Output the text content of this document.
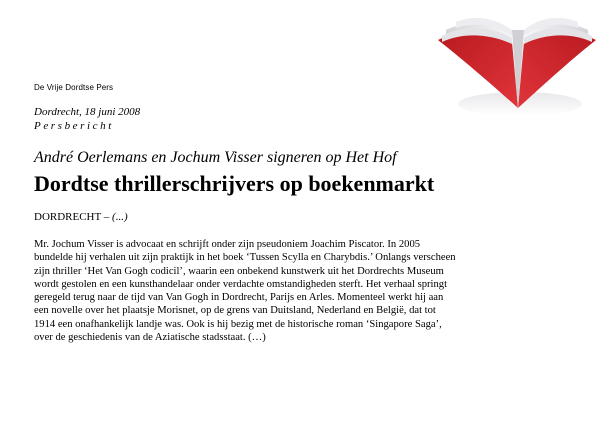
De Vrije Dordtse Pers
Dordrecht, 18 juni 2008
Persbericht
André Oerlemans en Jochum Visser signeren op Het Hof
Dordtse thrillerschrijvers op boekenmarkt
DORDRECHT – (...)
Mr. Jochum Visser is advocaat en schrijft onder zijn pseudoniem Joachim Piscator. In 2005
bundelde hij verhalen uit zijn praktijk in het boek ‘Tussen Scylla en Charybdis.’ Onlangs verscheen
zijn thriller ‘Het Van Gogh codicil’, waarin een onbekend kunstwerk uit het Dordrechts Museum
wordt gestolen en een kunsthandelaar onder verdachte omstandigheden sterft. Het verhaal springt
geregeld terug naar de tijd van Van Gogh in Dordrecht, Parijs en Arles. Momenteel werkt hij aan
een novelle over het plaatsje Morisnet, op de grens van Duitsland, Nederland en België, dat tot
1914 een onafhankelijk landje was. Ook is hij bezig met de historische roman ‘Singapore Saga’,
over de geschiedenis van de Aziatische stadsstaat. (…)
